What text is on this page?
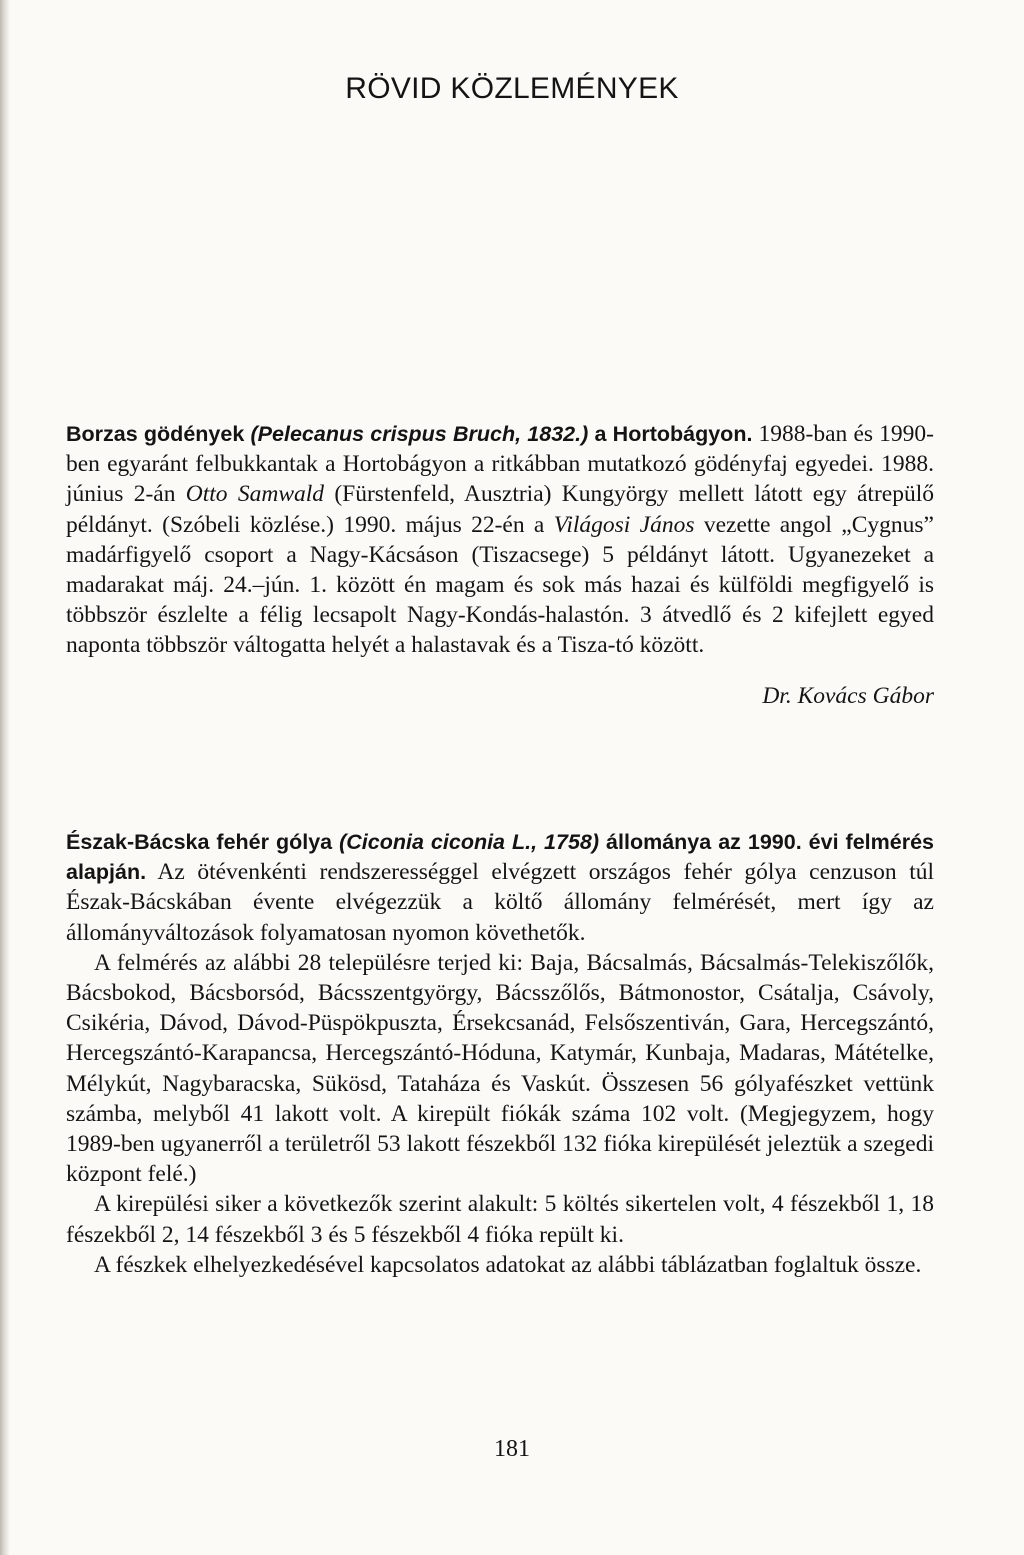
RÖVID KÖZLEMÉNYEK

Borzas gödények (Pelecanus crispus Bruch, 1832.) a Hortobágyon. 1988-ban és 1990-ben egyaránt felbukkantak a Hortobágyon a ritkábban mutatkozó gödényfaj egyedei. 1988. június 2-án Otto Samwald (Fürstenfeld, Ausztria) Kungyörgy mellett látott egy átrepülő példányt. (Szóbeli közlése.) 1990. május 22-én a Világosi János vezette angol „Cygnus” madárfigyelő csoport a Nagy-Kácsáson (Tiszacsege) 5 példányt látott. Ugyanezeket a madarakat máj. 24.–jún. 1. között én magam és sok más hazai és külföldi megfigyelő is többször észlelte a félig lecsapolt Nagy-Kondás-halastón. 3 átvedlő és 2 kifejlett egyed naponta többször váltogatta helyét a halastavak és a Tisza-tó között.

Dr. Kovács Gábor

Észak-Bácska fehér gólya (Ciconia ciconia L., 1758) állománya az 1990. évi felmérés alapján. Az ötévenkénti rendszerességgel elvégzett országos fehér gólya cenzuson túl Észak-Bácskában évente elvégezzük a költő állomány felmérését, mert így az állományváltozások folyamatosan nyomon követhetők.

A felmérés az alábbi 28 településre terjed ki: Baja, Bácsalmás, Bácsalmás-Telekiszőlők, Bácsbokod, Bácsborsód, Bácsszentgyörgy, Bácsszőlős, Bátmonostor, Csátalja, Csávoly, Csikéria, Dávod, Dávod-Püspökpuszta, Érsekcsanád, Felsőszentiván, Gara, Hercegszántó, Hercegszántó-Karapancsa, Hercegszántó-Hóduna, Katymár, Kunbaja, Madaras, Mátételke, Mélykút, Nagybaracska, Sükösd, Tataháza és Vaskút. Összesen 56 gólyafészket vettünk számba, melyből 41 lakott volt. A kirepült fiókák száma 102 volt. (Megjegyzem, hogy 1989-ben ugyanerről a területről 53 lakott fészekből 132 fióka kirepülését jeleztük a szegedi központ felé.)

A kirepülési siker a következők szerint alakult: 5 költés sikertelen volt, 4 fészekből 1, 18 fészekből 2, 14 fészekből 3 és 5 fészekből 4 fióka repült ki.

A fészkek elhelyezkedésével kapcsolatos adatokat az alábbi táblázatban foglaltuk össze.

181
